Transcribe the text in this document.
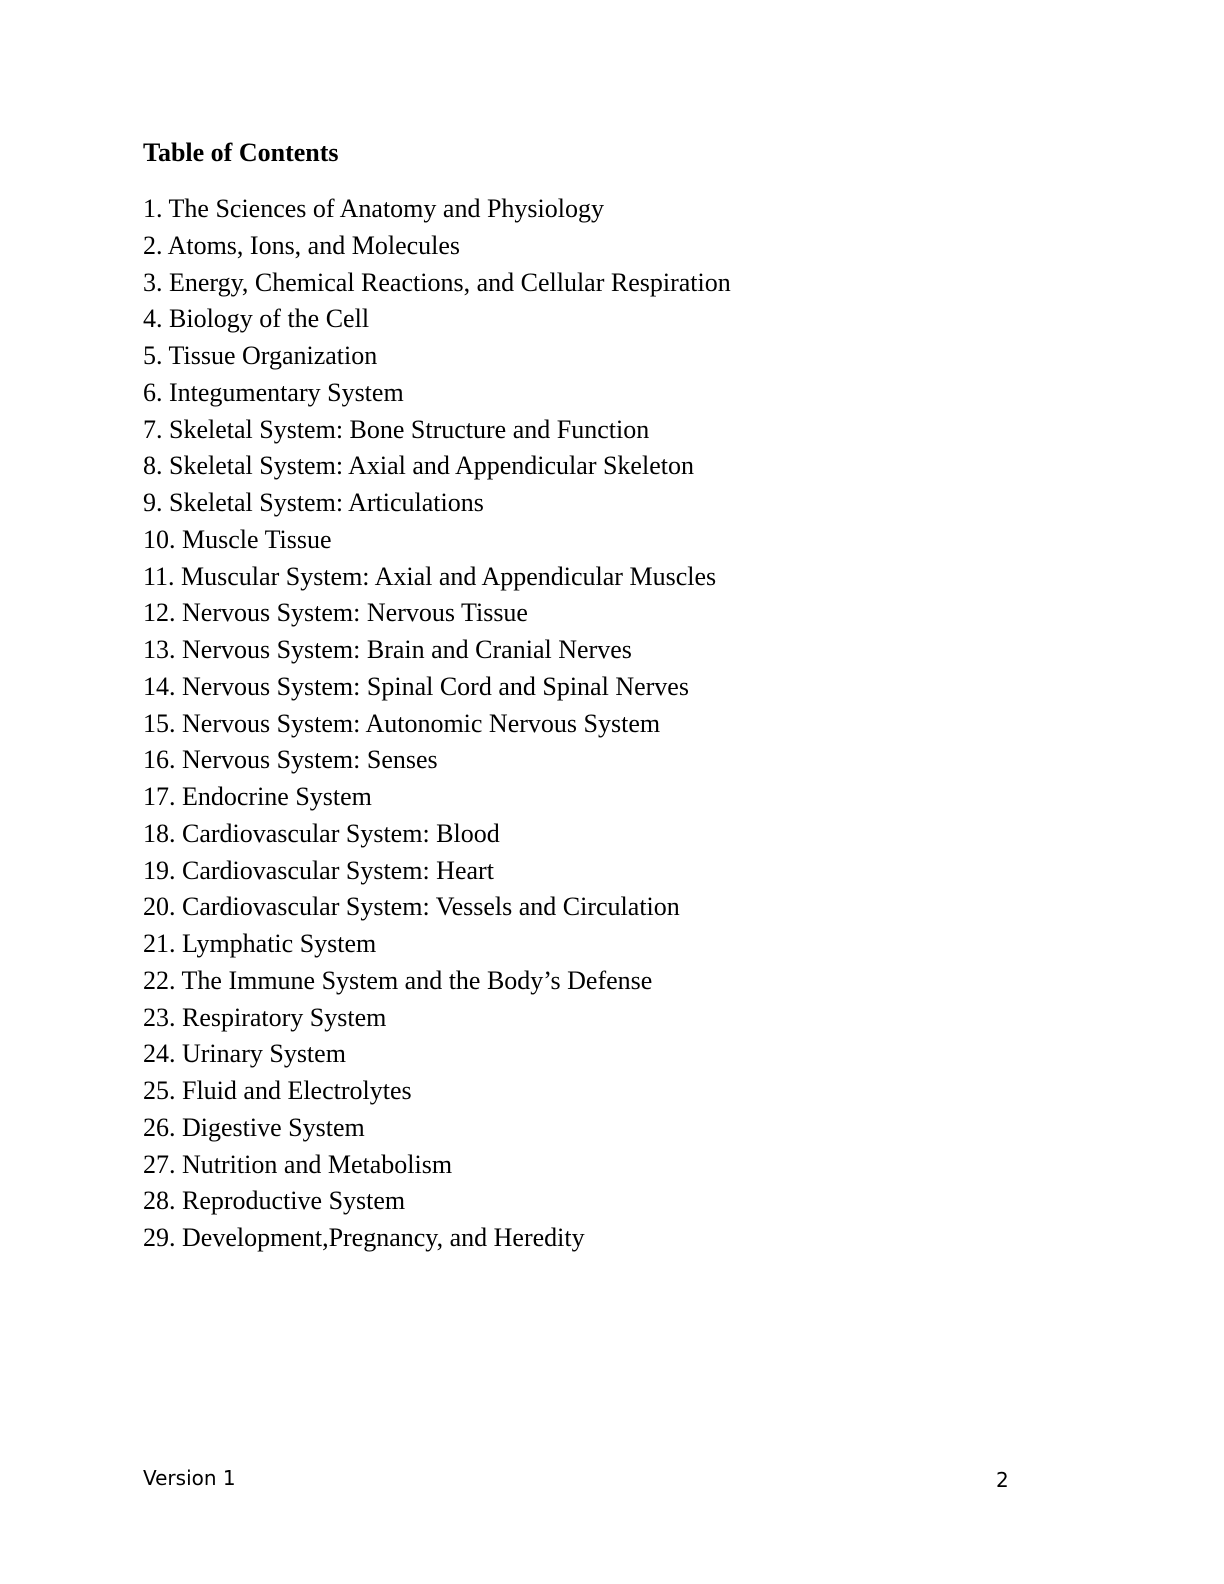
Table of Contents
1. The Sciences of Anatomy and Physiology
2. Atoms, Ions, and Molecules
3. Energy, Chemical Reactions, and Cellular Respiration
4. Biology of the Cell
5. Tissue Organization
6. Integumentary System
7. Skeletal System: Bone Structure and Function
8. Skeletal System: Axial and Appendicular Skeleton
9. Skeletal System: Articulations
10. Muscle Tissue
11. Muscular System: Axial and Appendicular Muscles
12. Nervous System: Nervous Tissue
13. Nervous System: Brain and Cranial Nerves
14. Nervous System: Spinal Cord and Spinal Nerves
15. Nervous System: Autonomic Nervous System
16. Nervous System: Senses
17. Endocrine System
18. Cardiovascular System: Blood
19. Cardiovascular System: Heart
20. Cardiovascular System: Vessels and Circulation
21. Lymphatic System
22. The Immune System and the Body’s Defense
23. Respiratory System
24. Urinary System
25. Fluid and Electrolytes
26. Digestive System
27. Nutrition and Metabolism
28. Reproductive System
29. Development,Pregnancy, and Heredity
Version 1	2
